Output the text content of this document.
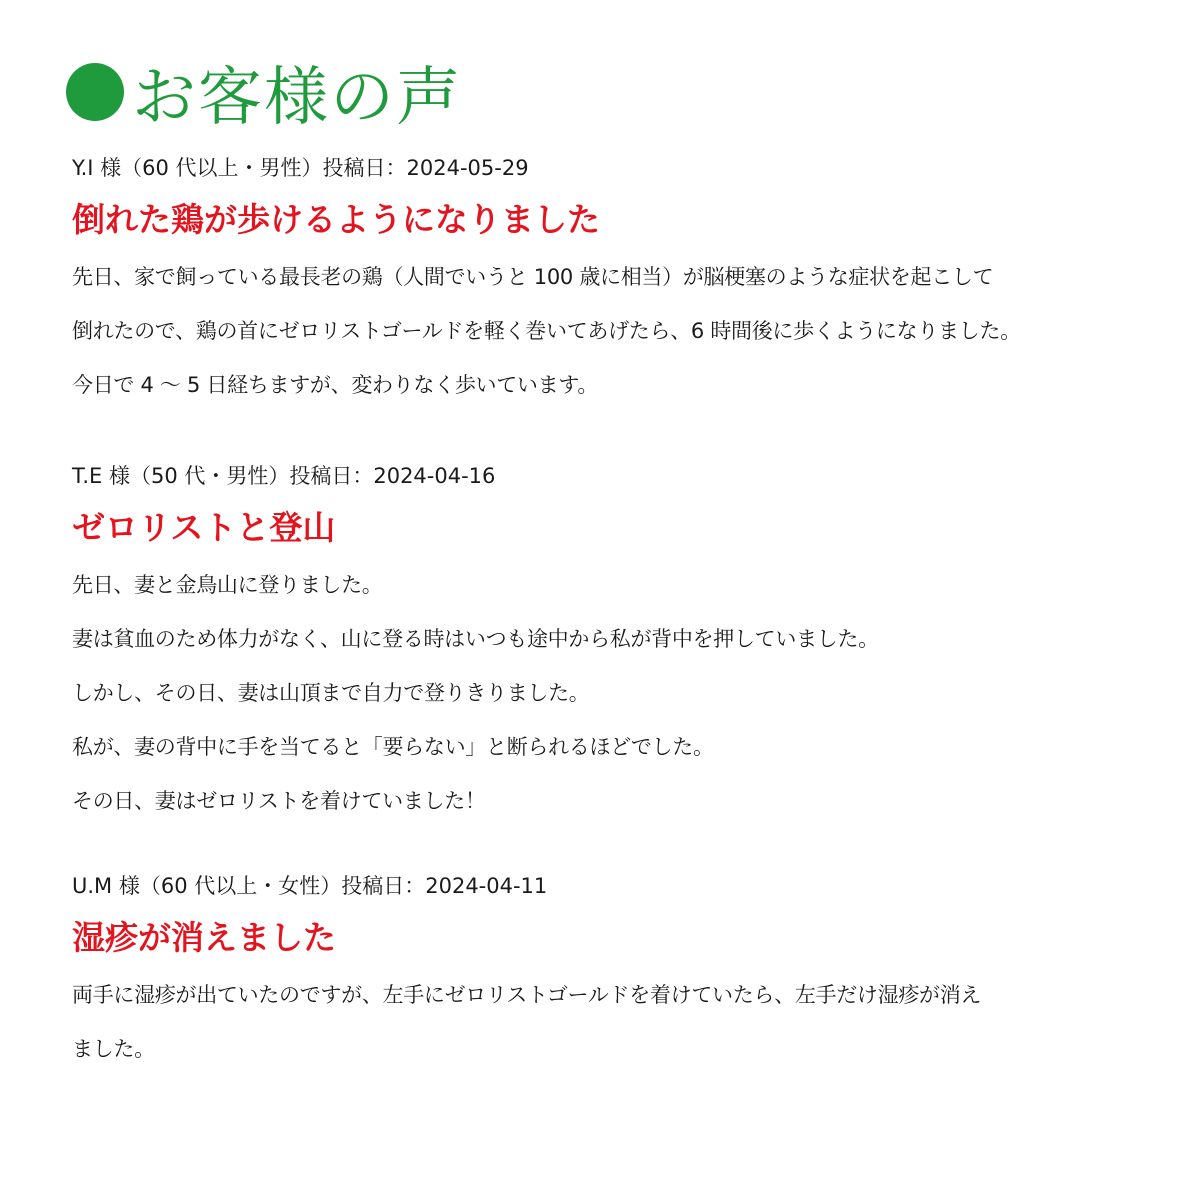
お客様の声
Y.I 様（60 代以上・男性）投稿日：2024-05-29
倒れた鶏が歩けるようになりました
先日、家で飼っている最長老の鶏（人間でいうと 100 歳に相当）が脳梗塞のような症状を起こして
倒れたので、鶏の首にゼロリストゴールドを軽く巻いてあげたら、6 時間後に歩くようになりました。
今日で 4 ～ 5 日経ちますが、変わりなく歩いています。
T.E 様（50 代・男性）投稿日：2024-04-16
ゼロリストと登山
先日、妻と金鳥山に登りました。
妻は貧血のため体力がなく、山に登る時はいつも途中から私が背中を押していました。
しかし、その日、妻は山頂まで自力で登りきりました。
私が、妻の背中に手を当てると「要らない」と断られるほどでした。
その日、妻はゼロリストを着けていました！
U.M 様（60 代以上・女性）投稿日：2024-04-11
湿疹が消えました
両手に湿疹が出ていたのですが、左手にゼロリストゴールドを着けていたら、左手だけ湿疹が消え
ました。
